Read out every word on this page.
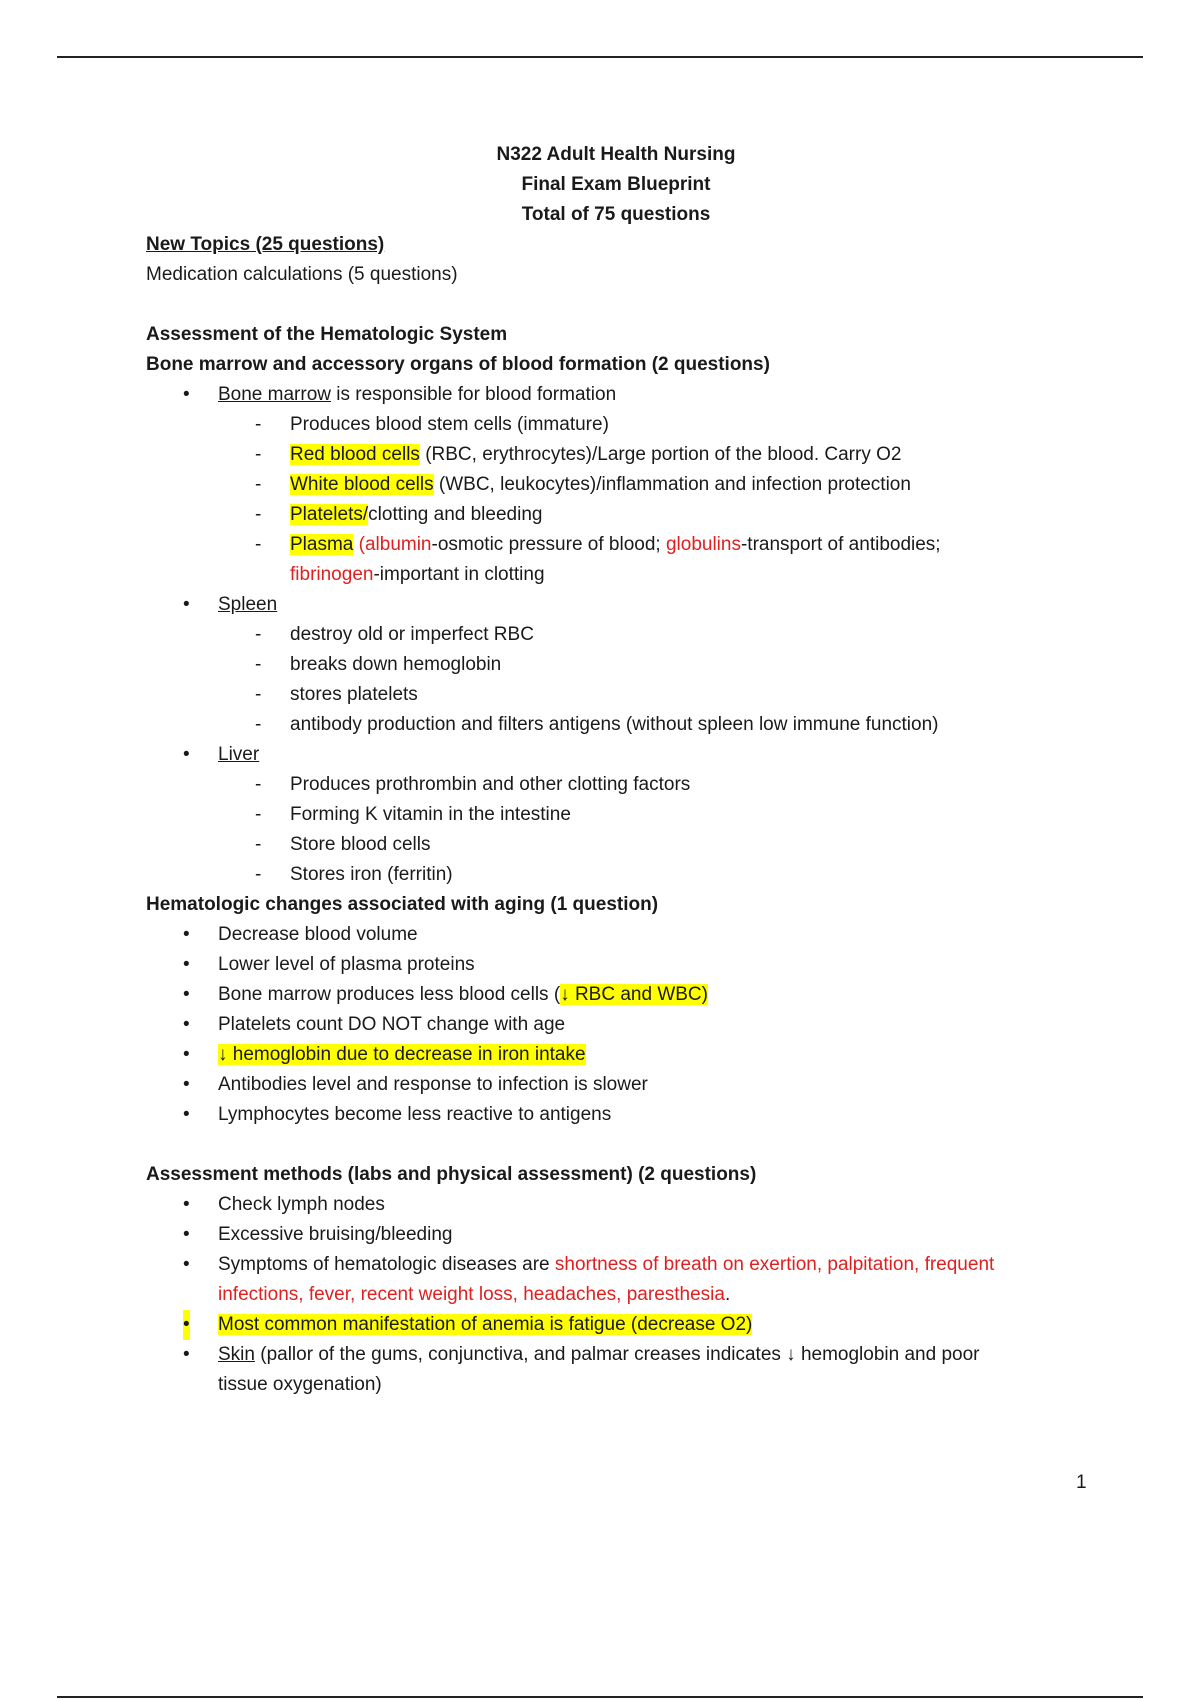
N322 Adult Health Nursing
Final Exam Blueprint
Total of 75 questions
New Topics (25 questions)
Medication calculations (5 questions)
Assessment of the Hematologic System
Bone marrow and accessory organs of blood formation (2 questions)
• Bone marrow is responsible for blood formation
- Produces blood stem cells (immature)
- Red blood cells (RBC, erythrocytes)/Large portion of the blood. Carry O2
- White blood cells (WBC, leukocytes)/inflammation and infection protection
- Platelets/clotting and bleeding
- Plasma (albumin-osmotic pressure of blood; globulins-transport of antibodies;
fibrinogen-important in clotting
• Spleen
- destroy old or imperfect RBC
- breaks down hemoglobin
- stores platelets
- antibody production and filters antigens (without spleen low immune function)
• Liver
- Produces prothrombin and other clotting factors
- Forming K vitamin in the intestine
- Store blood cells
- Stores iron (ferritin)
Hematologic changes associated with aging (1 question)
• Decrease blood volume
• Lower level of plasma proteins
• Bone marrow produces less blood cells (↓ RBC and WBC)
• Platelets count DO NOT change with age
• ↓ hemoglobin due to decrease in iron intake
• Antibodies level and response to infection is slower
• Lymphocytes become less reactive to antigens
Assessment methods (labs and physical assessment) (2 questions)
• Check lymph nodes
• Excessive bruising/bleeding
• Symptoms of hematologic diseases are shortness of breath on exertion, palpitation, frequent
infections, fever, recent weight loss, headaches, paresthesia.
• Most common manifestation of anemia is fatigue (decrease O2)
• Skin (pallor of the gums, conjunctiva, and palmar creases indicates ↓ hemoglobin and poor
tissue oxygenation)
1
